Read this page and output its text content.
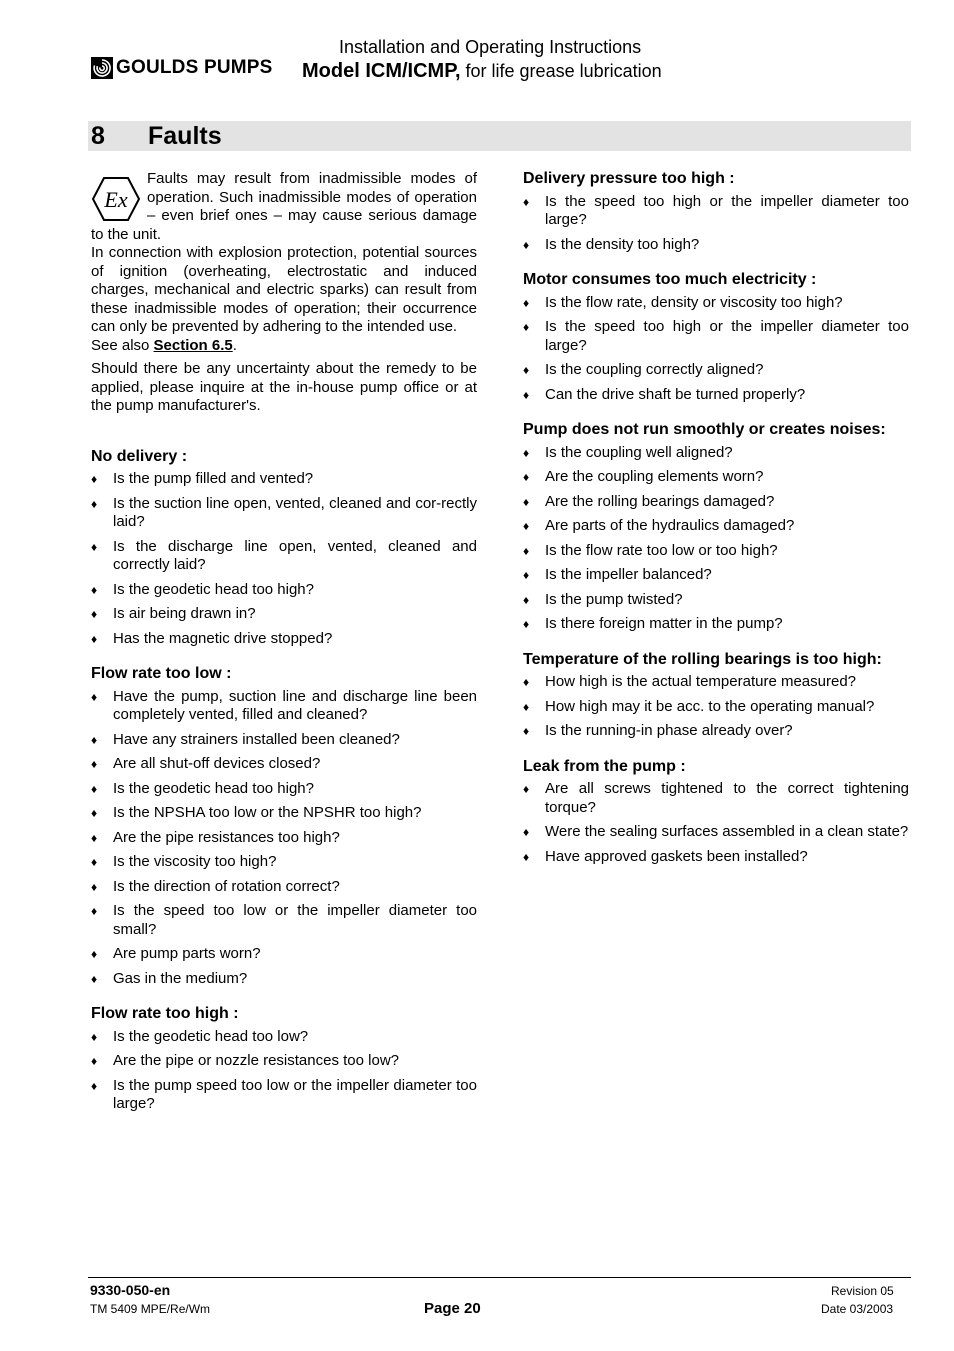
GOULDS PUMPS
Installation and Operating Instructions
Model ICM/ICMP, for life grease lubrication
8	Faults
Ex

Faults may result from inadmissible modes of operation. Such inadmissible modes of operation – even brief ones – may cause serious damage to the unit.

In connection with explosion protection, potential sources of ignition (overheating, electrostatic and induced charges, mechanical and electric sparks) can result from these inadmissible modes of operation; their occurrence can only be prevented by adhering to the intended use.

See also Section 6.5.

Should there be any uncertainty about the remedy to be applied, please inquire at the in-house pump office or at the pump manufacturer's.

No delivery :
♦ Is the pump filled and vented?
♦ Is the suction line open, vented, cleaned and cor-rectly laid?
♦ Is the discharge line open, vented, cleaned and correctly laid?
♦ Is the geodetic head too high?
♦ Is air being drawn in?
♦ Has the magnetic drive stopped?
Flow rate too low :
♦ Have the pump, suction line and discharge line been completely vented, filled and cleaned?
♦ Have any strainers installed been cleaned?
♦ Are all shut-off devices closed?
♦ Is the geodetic head too high?
♦ Is the NPSHA too low or the NPSHR too high?
♦ Are the pipe resistances too high?
♦ Is the viscosity too high?
♦ Is the direction of rotation correct?
♦ Is the speed too low or the impeller diameter too small?
♦ Are pump parts worn?
♦ Gas in the medium?
Flow rate too high :
♦ Is the geodetic head too low?
♦ Are the pipe or nozzle resistances too low?
♦ Is the pump speed too low or the impeller diameter too large?
Delivery pressure too high :
♦ Is the speed too high or the impeller diameter too large?
♦ Is the density too high?
Motor consumes too much electricity :
♦ Is the flow rate, density or viscosity too high?
♦ Is the speed too high or the impeller diameter too large?
♦ Is the coupling correctly aligned?
♦ Can the drive shaft be turned properly?
Pump does not run smoothly or creates noises:
♦ Is the coupling well aligned?
♦ Are the coupling elements worn?
♦ Are the rolling bearings damaged?
♦ Are parts of the hydraulics damaged?
♦ Is the flow rate too low or too high?
♦ Is the impeller balanced?
♦ Is the pump twisted?
♦ Is there foreign matter in the pump?
Temperature of the rolling bearings is too high:
♦ How high is the actual temperature measured?
♦ How high may it be acc. to the operating manual?
♦ Is the running-in phase already over?
Leak from the pump :
♦ Are all screws tightened to the correct tightening torque?
♦ Were the sealing surfaces assembled in a clean state?
♦ Have approved gaskets been installed?
9330-050-en
TM 5409 MPE/Re/Wm	Page 20
Revision 05
Date 03/2003
